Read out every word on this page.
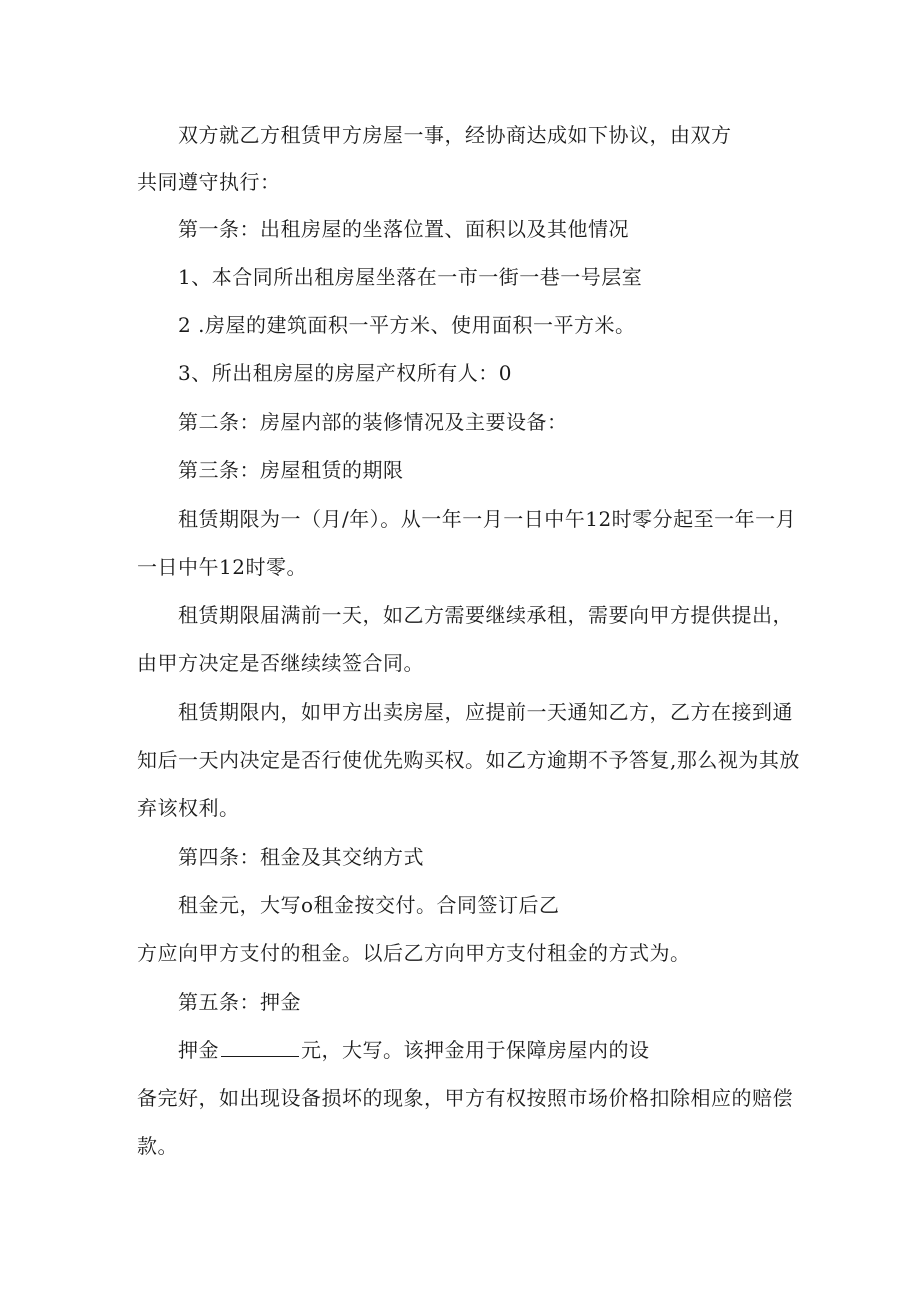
双方就乙方租赁甲方房屋一事，经协商达成如下协议，由双方
共同遵守执行：
第一条：出租房屋的坐落位置、面积以及其他情况
1、本合同所出租房屋坐落在一市一街一巷一号层室
2 .房屋的建筑面积一平方米、使用面积一平方米。
3、所出租房屋的房屋产权所有人：0
第二条：房屋内部的装修情况及主要设备：
第三条：房屋租赁的期限
租赁期限为一（月/年）。从一年一月一日中午12时零分起至一年一月
一日中午12时零。
租赁期限届满前一天，如乙方需要继续承租，需要向甲方提供提出，
由甲方决定是否继续续签合同。
租赁期限内，如甲方出卖房屋，应提前一天通知乙方，乙方在接到通
知后一天内决定是否行使优先购买权。如乙方逾期不予答复,那么视为其放
弃该权利。
第四条：租金及其交纳方式
租金元，大写o租金按交付。合同签订后乙
方应向甲方支付的租金。以后乙方向甲方支付租金的方式为。
第五条：押金
押金	元，大写。该押金用于保障房屋内的设
备完好，如出现设备损坏的现象，甲方有权按照市场价格扣除相应的赔偿
款。
